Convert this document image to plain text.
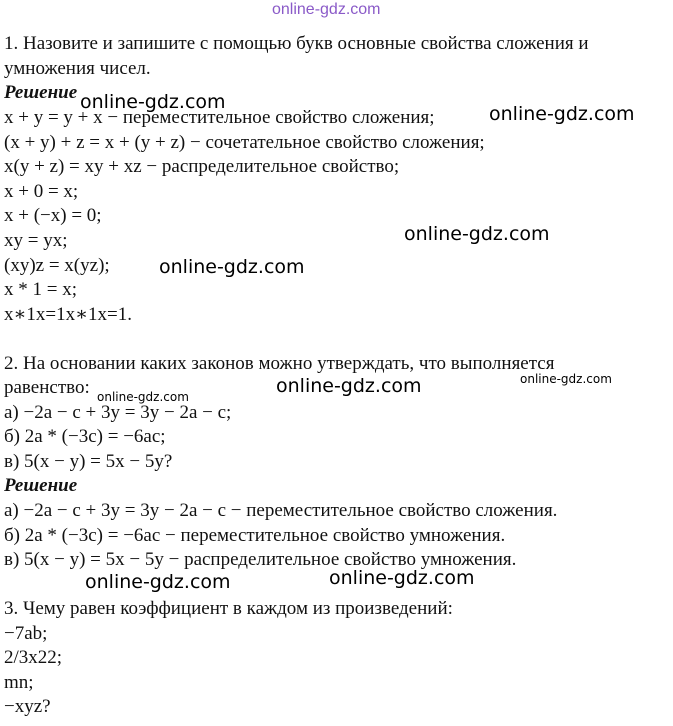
online-gdz.com
1. Назовите и запишите с помощью букв основные свойства сложения и
умножения чисел.
Решение
x + y = y + x − переместительное свойство сложения;
(x + y) + z = x + (y + z) − сочетательное свойство сложения;
x(y + z) = xy + xz − распределительное свойство;
x + 0 = x;
x + (−x) = 0;
xy = yx;
(xy)z = x(yz);
x * 1 = x;
x∗1x=1x∗1x=1.
2. На основании каких законов можно утверждать, что выполняется
равенство:
а) −2a − c + 3y = 3y − 2a − c;
б) 2a * (−3c) = −6ac;
в) 5(x − y) = 5x − 5y?
Решение
а) −2a − c + 3y = 3y − 2a − c − переместительное свойство сложения.
б) 2a * (−3c) = −6ac − переместительное свойство умножения.
в) 5(x − y) = 5x − 5y − распределительное свойство умножения.
3. Чему равен коэффициент в каждом из произведений:
−7ab;
2/3x22;
mn;
−xyz?
online-gdz.com
online-gdz.com
online-gdz.com
online-gdz.com
online-gdz.com
online-gdz.com	online-gdz.com
online-gdz.com
online-gdz.com
